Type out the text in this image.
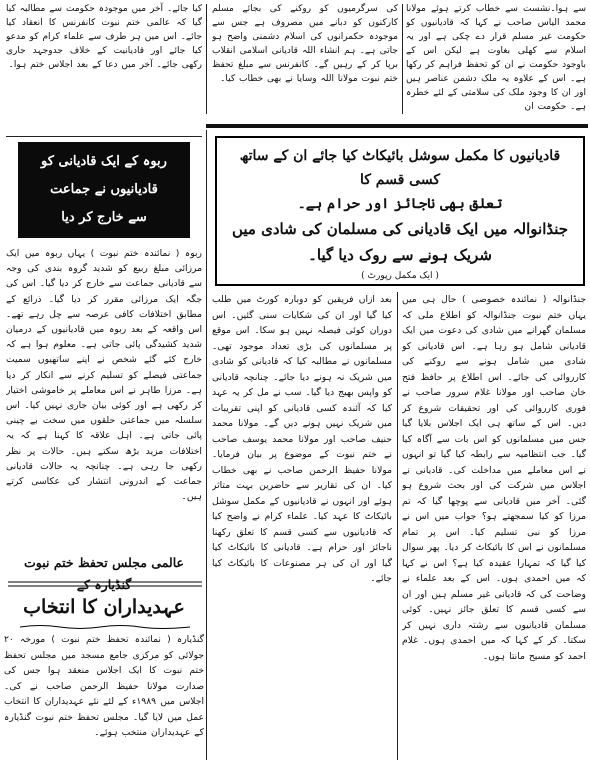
سے ہوا۔نشست سے خطاب کرتے ہوئے مولانا محمد الیاس صاحب نے کہا کہ قادیانیوں کو حکومت غیر مسلم قرار دے چکی ہے اور یہ اسلام سے کھلی بغاوت ہے لیکن اس کے باوجود حکومت نے ان کو تحفظ فراہم کر رکھا ہے۔ اس کے علاوہ یہ ملک دشمن عناصر ہیں اور ان کا وجود ملک کی سلامتی کے لئے خطرہ ہے۔ حکومت ان

کی سرگرمیوں کو روکنے کی بجائے مسلم کارکنوں کو دبانے میں مصروف ہے جس سے موجودہ حکمرانوں کی اسلام دشمنی واضح ہو جاتی ہے۔ ہم انشاء اللہ قادیانی اسلامی انقلاب برپا کر کے رہیں گے۔ کانفرنس سے مبلغ تحفظ ختم نبوت مولانا اللہ وسایا نے بھی خطاب کیا۔

کیا جائے۔ آخر میں موجودہ حکومت سے مطالبہ کیا گیا کہ عالمی ختم نبوت کانفرنس کا انعقاد کیا جائے۔ اس میں ہر طرف سے علماء کرام کو مدعو کیا جائے اور قادیانیت کے خلاف جدوجہد جاری رکھی جائے۔ آخر میں دعا کے بعد اجلاس ختم ہوا۔

قادیانیوں کا مکمل سوشل بائیکاٹ کیا جائے ان کے ساتھ کسی قسم کا
تعلق بھی ناجائز اور حرام ہے۔
جنڈانوالہ میں ایک قادیانی کی مسلمان کی شادی میں
شریک ہونے سے روک دیا گیا۔
( ایک مکمل رپورٹ )
ربوہ کے ایک قادیانی کو
قادیانیوں نے جماعت
سے خارج کر دیا

ربوہ ( نمائندہ ختم نبوت ) یہاں ربوہ میں ایک مرزائی مبلغ ربیع کو شدید گروہ بندی کی وجہ سے قادیانی جماعت سے خارج کر دیا گیا۔ اس کی جگہ ایک مرزائی مقرر کر دیا گیا۔ ذرائع کے مطابق اختلافات کافی عرصہ سے چل رہے تھے۔ اس واقعہ کے بعد ربوہ میں قادیانیوں کے درمیان شدید کشیدگی پائی جاتی ہے۔ معلوم ہوا ہے کہ خارج کئے گئے شخص نے اپنے ساتھیوں سمیت جماعتی فیصلے کو تسلیم کرنے سے انکار کر دیا ہے۔ مرزا طاہر نے اس معاملے پر خاموشی اختیار کر رکھی ہے اور کوئی بیان جاری نہیں کیا۔ اس سلسلہ میں جماعتی حلقوں میں سخت بے چینی پائی جاتی ہے۔ اہل علاقہ کا کہنا ہے کہ یہ اختلافات مزید بڑھ سکتے ہیں۔ حالات پر نظر رکھی جا رہی ہے۔ چنانچہ یہ حالات قادیانی جماعت کے اندرونی انتشار کی عکاسی کرتے ہیں۔

عالمی مجلس تحفظ ختم نبوت گنڈیارہ کے
عہدیداران کا انتخاب

گنڈیارہ ( نمائندہ تحفظ ختم نبوت ) مورخہ ۲۰ جولائی کو مرکزی جامع مسجد میں مجلس تحفظ ختم نبوت کا ایک اجلاس منعقد ہوا جس کی صدارت مولانا حفیظ الرحمن صاحب نے کی۔ اجلاس میں ۱۹۸۹ء کے لئے نئے عہدیداران کا انتخاب عمل میں لایا گیا۔ مجلس تحفظ ختم نبوت گنڈیارہ کے عہدیداران منتخب ہوئے۔

بعد ازاں فریقین کو دوبارہ کورٹ میں طلب کیا گیا اور ان کی شکایات سنی گئیں۔ اس دوران کوئی فیصلہ نہیں ہو سکا۔ اس موقع پر مسلمانوں کی بڑی تعداد موجود تھی۔ مسلمانوں نے مطالبہ کیا کہ قادیانی کو شادی میں شریک نہ ہونے دیا جائے۔ چنانچہ قادیانی کو واپس بھیج دیا گیا۔ سب نے مل کر یہ عہد کیا کہ آئندہ کسی قادیانی کو اپنی تقریبات میں شریک نہیں ہونے دیں گے۔ مولانا محمد حنیف صاحب اور مولانا محمد یوسف صاحب نے ختم نبوت کے موضوع پر بیان فرمایا۔ مولانا حفیظ الرحمن صاحب نے بھی خطاب کیا۔ ان کی تقاریر سے حاضرین بہت متاثر ہوئے اور انہوں نے قادیانیوں کے مکمل سوشل بائیکاٹ کا عہد کیا۔ علماء کرام نے واضح کیا کہ قادیانیوں سے کسی قسم کا تعلق رکھنا ناجائز اور حرام ہے۔ قادیانی کا بائیکاٹ کیا گیا اور ان کی ہر مصنوعات کا بائیکاٹ کیا جائے۔

جنڈانوالہ ( نمائندہ خصوصی ) حال ہی میں یہاں ختم نبوت جنڈانوالہ کو اطلاع ملی کہ مسلمان گھرانے میں شادی کی دعوت میں ایک قادیانی شامل ہو رہا ہے۔ اس قادیانی کو شادی میں شامل ہونے سے روکنے کی کارروائی کی جائے۔ اس اطلاع پر حافظ فتح خان صاحب اور مولانا غلام سرور صاحب نے فوری کارروائی کی اور تحقیقات شروع کر دیں۔ اس کے ساتھ ہی ایک اجلاس بلایا گیا جس میں مسلمانوں کو اس بات سے آگاہ کیا گیا۔ جب انتظامیہ سے رابطہ کیا گیا تو انہوں نے اس معاملے میں مداخلت کی۔ قادیانی نے اجلاس میں شرکت کی اور بحث شروع ہو گئی۔ آخر میں قادیانی سے پوچھا گیا کہ تم مرزا کو کیا سمجھتے ہو؟ جواب میں اس نے مرزا کو نبی تسلیم کیا۔ اس پر تمام مسلمانوں نے اس کا بائیکاٹ کر دیا۔ پھر سوال کیا گیا کہ تمہارا عقیدہ کیا ہے؟ اس نے کہا کہ میں احمدی ہوں۔ اس کے بعد علماء نے وضاحت کی کہ قادیانی غیر مسلم ہیں اور ان سے کسی قسم کا تعلق جائز نہیں۔ کوئی مسلمان قادیانیوں سے رشتہ داری نہیں کر سکتا۔ کر کے کہا کہ میں احمدی ہوں۔ غلام احمد کو مسیح مانتا ہوں۔
